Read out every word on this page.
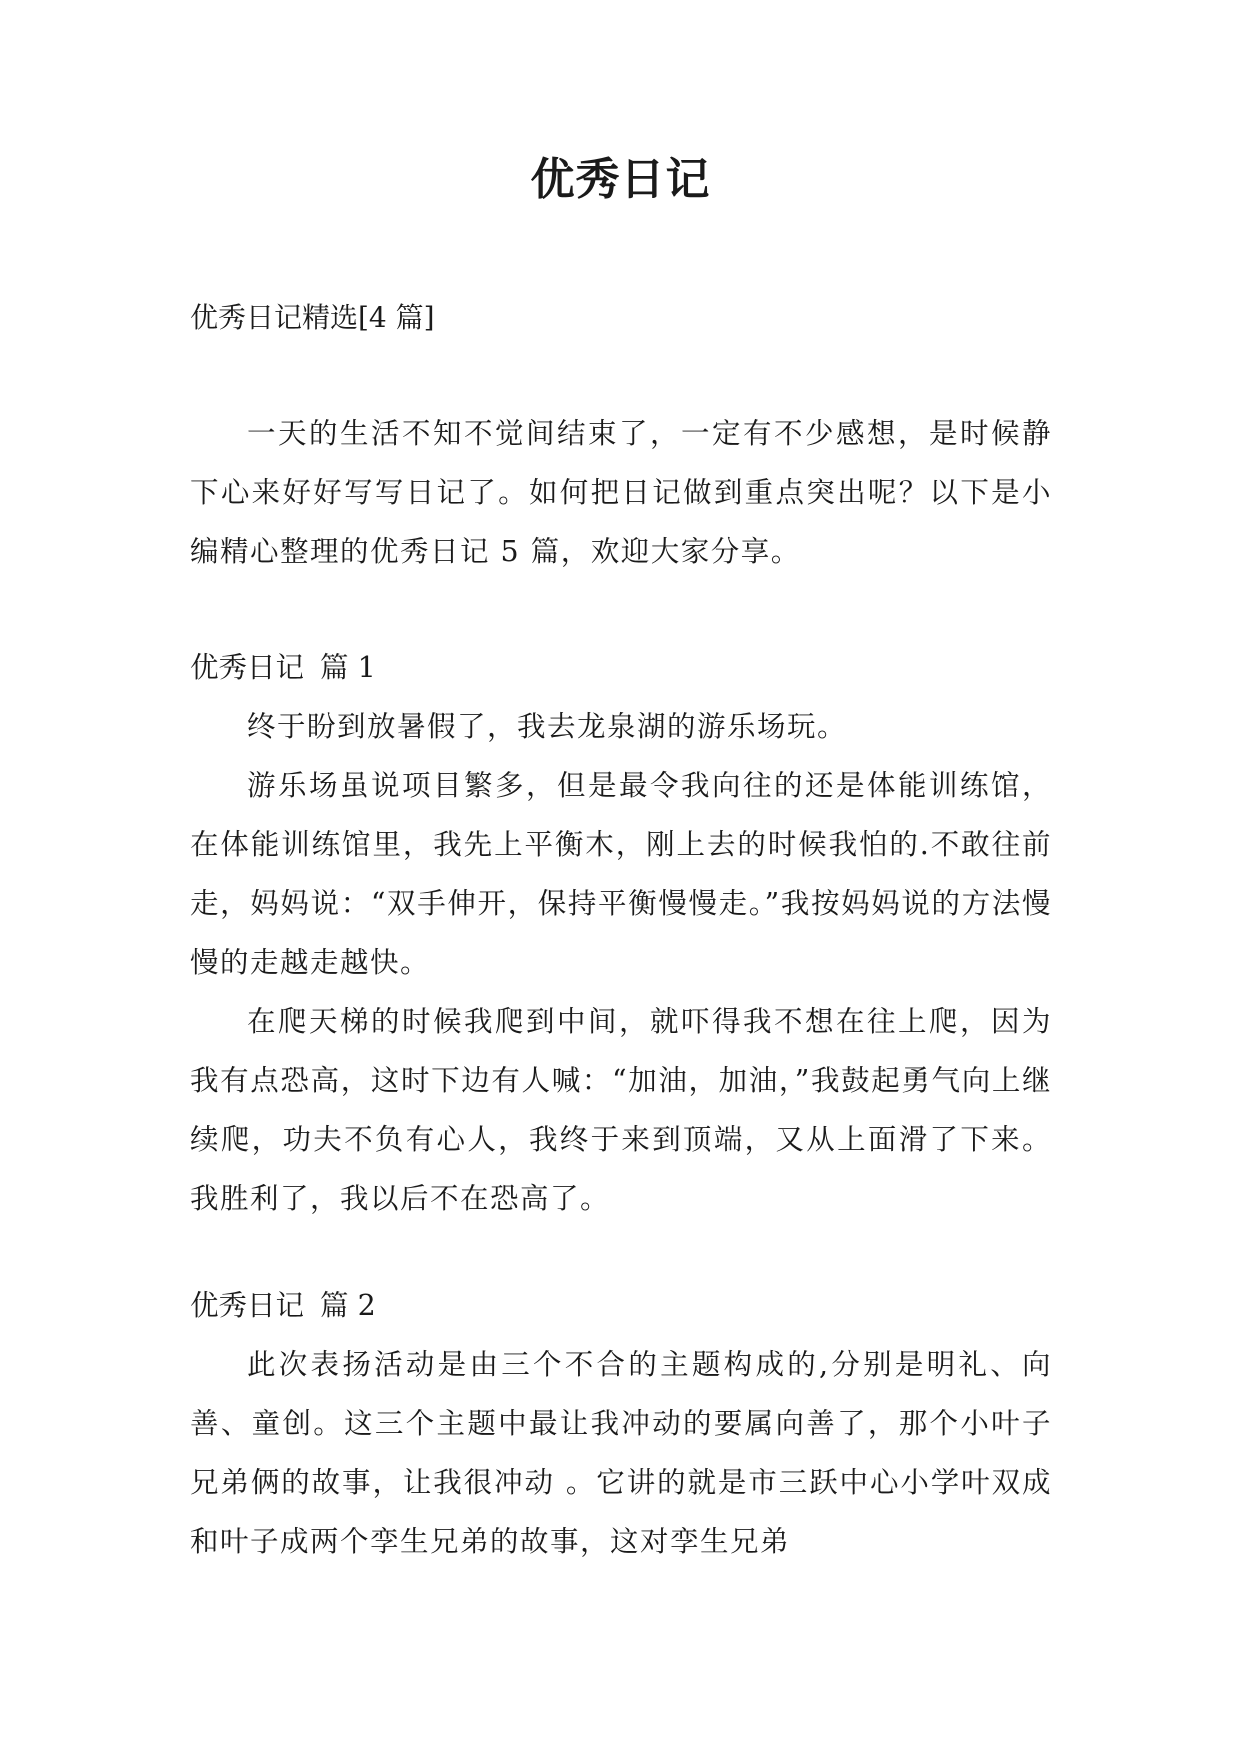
优秀日记

优秀日记精选[4 篇]

一天的生活不知不觉间结束了，一定有不少感想，是时候静下心来好好写写日记了。如何把日记做到重点突出呢？以下是小编精心整理的优秀日记 5 篇，欢迎大家分享。

优秀日记 篇 1

终于盼到放暑假了，我去龙泉湖的游乐场玩。

游乐场虽说项目繁多，但是最令我向往的还是体能训练馆，在体能训练馆里，我先上平衡木，刚上去的时候我怕的.不敢往前走，妈妈说：“双手伸开，保持平衡慢慢走。”我按妈妈说的方法慢慢的走越走越快。

在爬天梯的时候我爬到中间，就吓得我不想在往上爬，因为我有点恐高，这时下边有人喊：“加油，加油，”我鼓起勇气向上继续爬，功夫不负有心人，我终于来到顶端，又从上面滑了下来。我胜利了，我以后不在恐高了。

优秀日记 篇 2

此次表扬活动是由三个不合的主题构成的,分别是明礼、向善、童创。这三个主题中最让我冲动的要属向善了，那个小叶子兄弟俩的故事，让我很冲动 。它讲的就是市三跃中心小学叶双成和叶子成两个孪生兄弟的故事，这对孪生兄弟
